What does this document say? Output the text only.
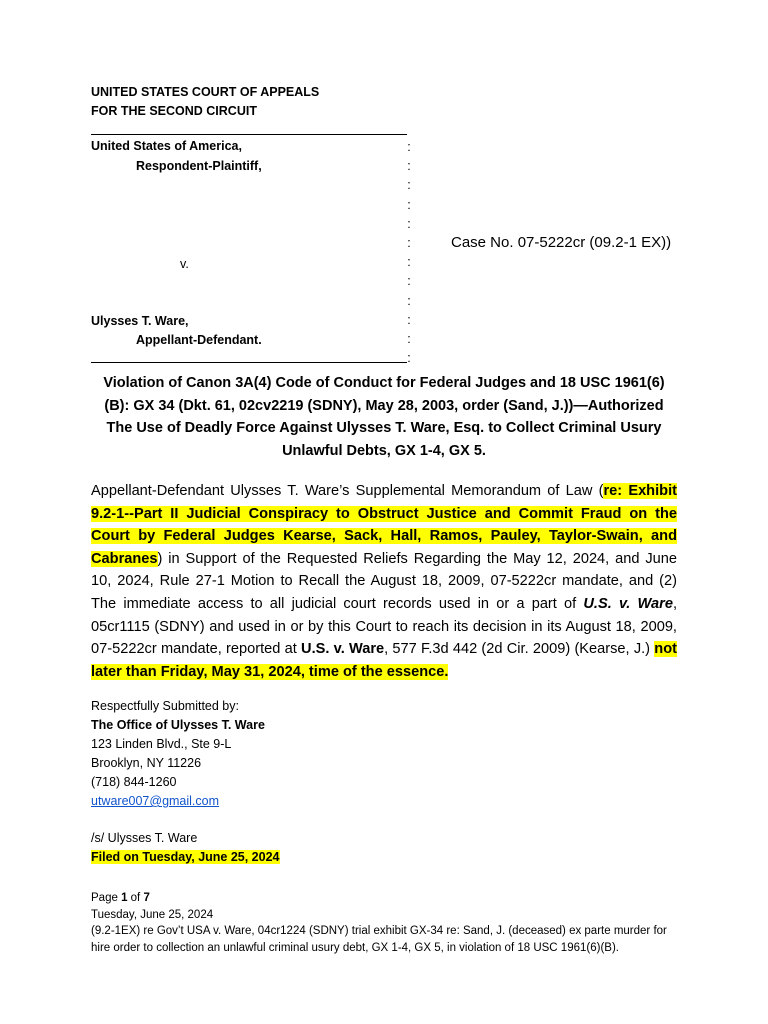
UNITED STATES COURT OF APPEALS
FOR THE SECOND CIRCUIT
United States of America,
Respondent-Plaintiff,
v.
Ulysses T. Ware,
Appellant-Defendant.
:
:
:
:
:
:
:
:
:
:
:
:
Case No. 07-5222cr (09.2-1 EX))
Violation of Canon 3A(4) Code of Conduct for Federal Judges and 18 USC 1961(6)(B): GX 34 (Dkt. 61, 02cv2219 (SDNY), May 28, 2003, order (Sand, J.))—Authorized The Use of Deadly Force Against Ulysses T. Ware, Esq. to Collect Criminal Usury Unlawful Debts, GX 1-4, GX 5.
Appellant-Defendant Ulysses T. Ware’s Supplemental Memorandum of Law (re: Exhibit 9.2-1--Part II Judicial Conspiracy to Obstruct Justice and Commit Fraud on the Court by Federal Judges Kearse, Sack, Hall, Ramos, Pauley, Taylor-Swain, and Cabranes) in Support of the Requested Reliefs Regarding the May 12, 2024, and June 10, 2024, Rule 27-1 Motion to Recall the August 18, 2009, 07-5222cr mandate, and (2) The immediate access to all judicial court records used in or a part of U.S. v. Ware, 05cr1115 (SDNY) and used in or by this Court to reach its decision in its August 18, 2009, 07-5222cr mandate, reported at U.S. v. Ware, 577 F.3d 442 (2d Cir. 2009) (Kearse, J.) not later than Friday, May 31, 2024, time of the essence.
Respectfully Submitted by:
The Office of Ulysses T. Ware
123 Linden Blvd., Ste 9-L
Brooklyn, NY 11226
(718) 844-1260
utware007@gmail.com
/s/ Ulysses T. Ware
Filed on Tuesday, June 25, 2024
Page 1 of 7
Tuesday, June 25, 2024
(9.2-1EX) re Gov’t USA v. Ware, 04cr1224 (SDNY) trial exhibit GX-34 re: Sand, J. (deceased) ex parte murder for hire order to collection an unlawful criminal usury debt, GX 1-4, GX 5, in violation of 18 USC 1961(6)(B).
